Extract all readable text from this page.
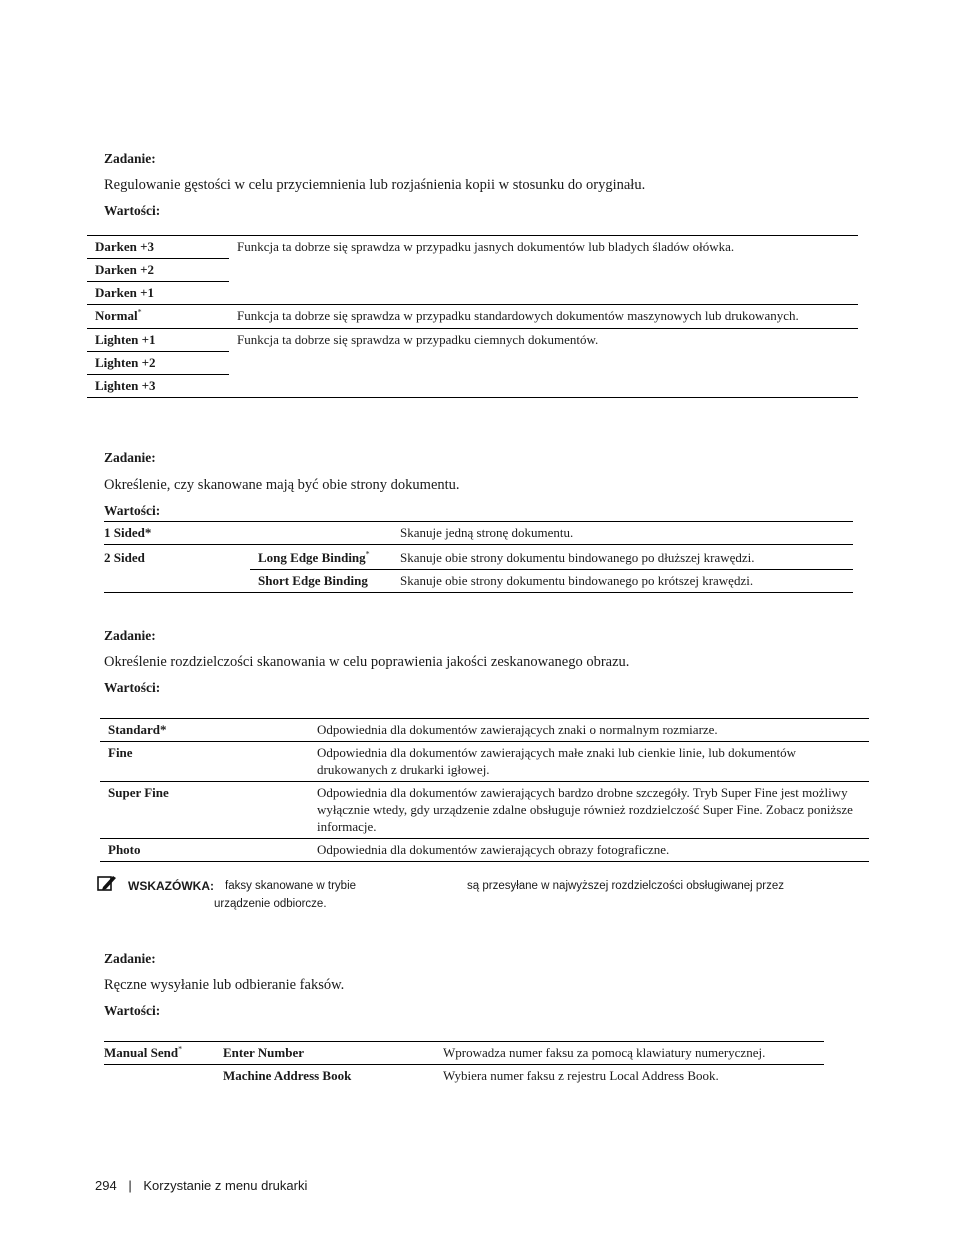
Zadanie:
Regulowanie gęstości w celu przyciemnienia lub rozjaśnienia kopii w stosunku do oryginału.
Wartości:
Darken +3	Funkcja ta dobrze się sprawdza w przypadku jasnych dokumentów lub bladych śladów ołówka.
Darken +2	
Darken +1	
Normal*	Funkcja ta dobrze się sprawdza w przypadku standardowych dokumentów maszynowych lub drukowanych.
Lighten +1	Funkcja ta dobrze się sprawdza w przypadku ciemnych dokumentów.
Lighten +2	
Lighten +3	
Zadanie:
Określenie, czy skanowane mają być obie strony dokumentu.
Wartości:
1 Sided*		Skanuje jedną stronę dokumentu.
2 Sided	Long Edge Binding*	Skanuje obie strony dokumentu bindowanego po dłuższej krawędzi.
	Short Edge Binding	Skanuje obie strony dokumentu bindowanego po krótszej krawędzi.
Zadanie:
Określenie rozdzielczości skanowania w celu poprawienia jakości zeskanowanego obrazu.
Wartości:
Standard*	Odpowiednia dla dokumentów zawierających znaki o normalnym rozmiarze.
Fine	Odpowiednia dla dokumentów zawierających małe znaki lub cienkie linie, lub dokumentów drukowanych z drukarki igłowej.
Super Fine	Odpowiednia dla dokumentów zawierających bardzo drobne szczegóły. Tryb Super Fine jest możliwy wyłącznie wtedy, gdy urządzenie zdalne obsługuje również rozdzielczość Super Fine. Zobacz poniższe informacje.
Photo	Odpowiednia dla dokumentów zawierających obrazy fotograficzne.
WSKAZÓWKA: faksy skanowane w trybie	są przesyłane w najwyższej rozdzielczości obsługiwanej przez
urządzenie odbiorcze.
Zadanie:
Ręczne wysyłanie lub odbieranie faksów.
Wartości:
Manual Send*	Enter Number	Wprowadza numer faksu za pomocą klawiatury numerycznej.
	Machine Address Book	Wybiera numer faksu z rejestru Local Address Book.
294 | Korzystanie z menu drukarki
